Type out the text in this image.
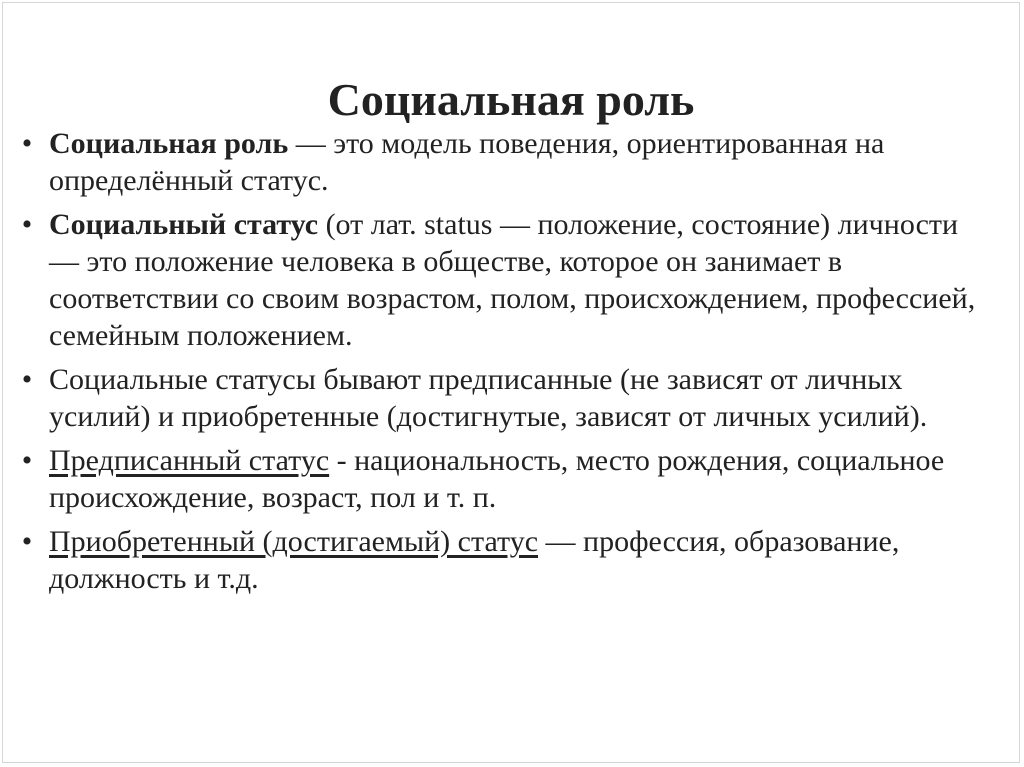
Социальная роль
• Социальная роль — это модель поведения, ориентированная на определённый статус.
• Социальный статус (от лат. status — положение, состояние) личности — это положение человека в обществе, которое он занимает в соответствии со своим возрастом, полом, происхождением, профессией, семейным положением.
• Социальные статусы бывают предписанные (не зависят от личных усилий) и приобретенные (достигнутые, зависят от личных усилий).
• Предписанный статус - национальность, место рождения, социальное происхождение, возраст, пол и т. п.
• Приобретенный (достигаемый) статус — профессия, образование, должность и т.д.
